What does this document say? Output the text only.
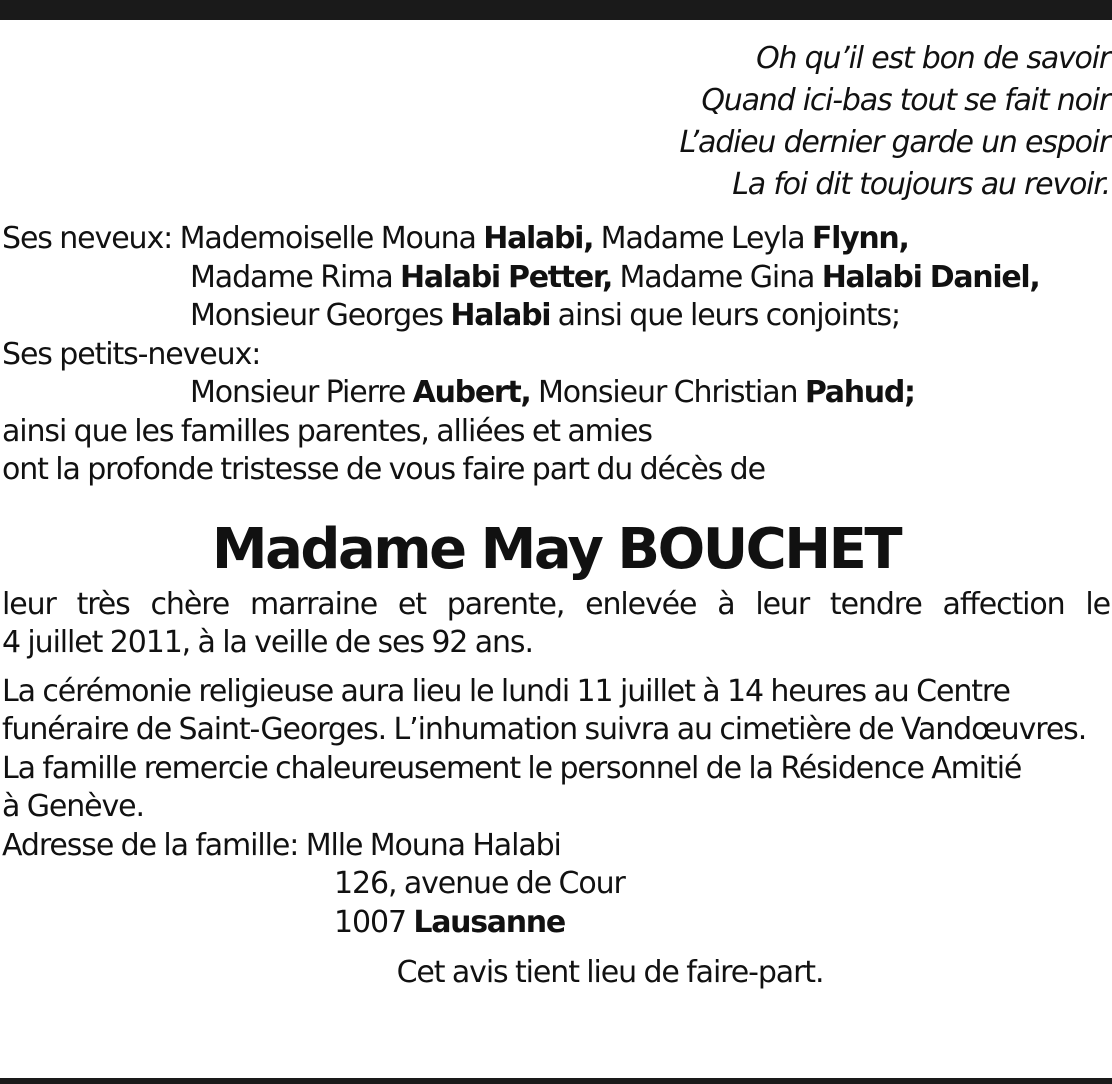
Oh qu’il est bon de savoir
Quand ici-bas tout se fait noir
L’adieu dernier garde un espoir
La foi dit toujours au revoir.
Ses neveux: Mademoiselle Mouna Halabi, Madame Leyla Flynn,
Madame Rima Halabi Petter, Madame Gina Halabi Daniel,
Monsieur Georges Halabi ainsi que leurs conjoints;
Ses petits-neveux:
Monsieur Pierre Aubert, Monsieur Christian Pahud;
ainsi que les familles parentes, alliées et amies
ont la profonde tristesse de vous faire part du décès de
Madame May BOUCHET
leur très chère marraine et parente, enlevée à leur tendre affection le
4 juillet 2011, à la veille de ses 92 ans.
La cérémonie religieuse aura lieu le lundi 11 juillet à 14 heures au Centre
funéraire de Saint-Georges. L’inhumation suivra au cimetière de Vandœuvres.
La famille remercie chaleureusement le personnel de la Résidence Amitié
à Genève.
Adresse de la famille: Mlle Mouna Halabi
126, avenue de Cour
1007 Lausanne
Cet avis tient lieu de faire-part.
